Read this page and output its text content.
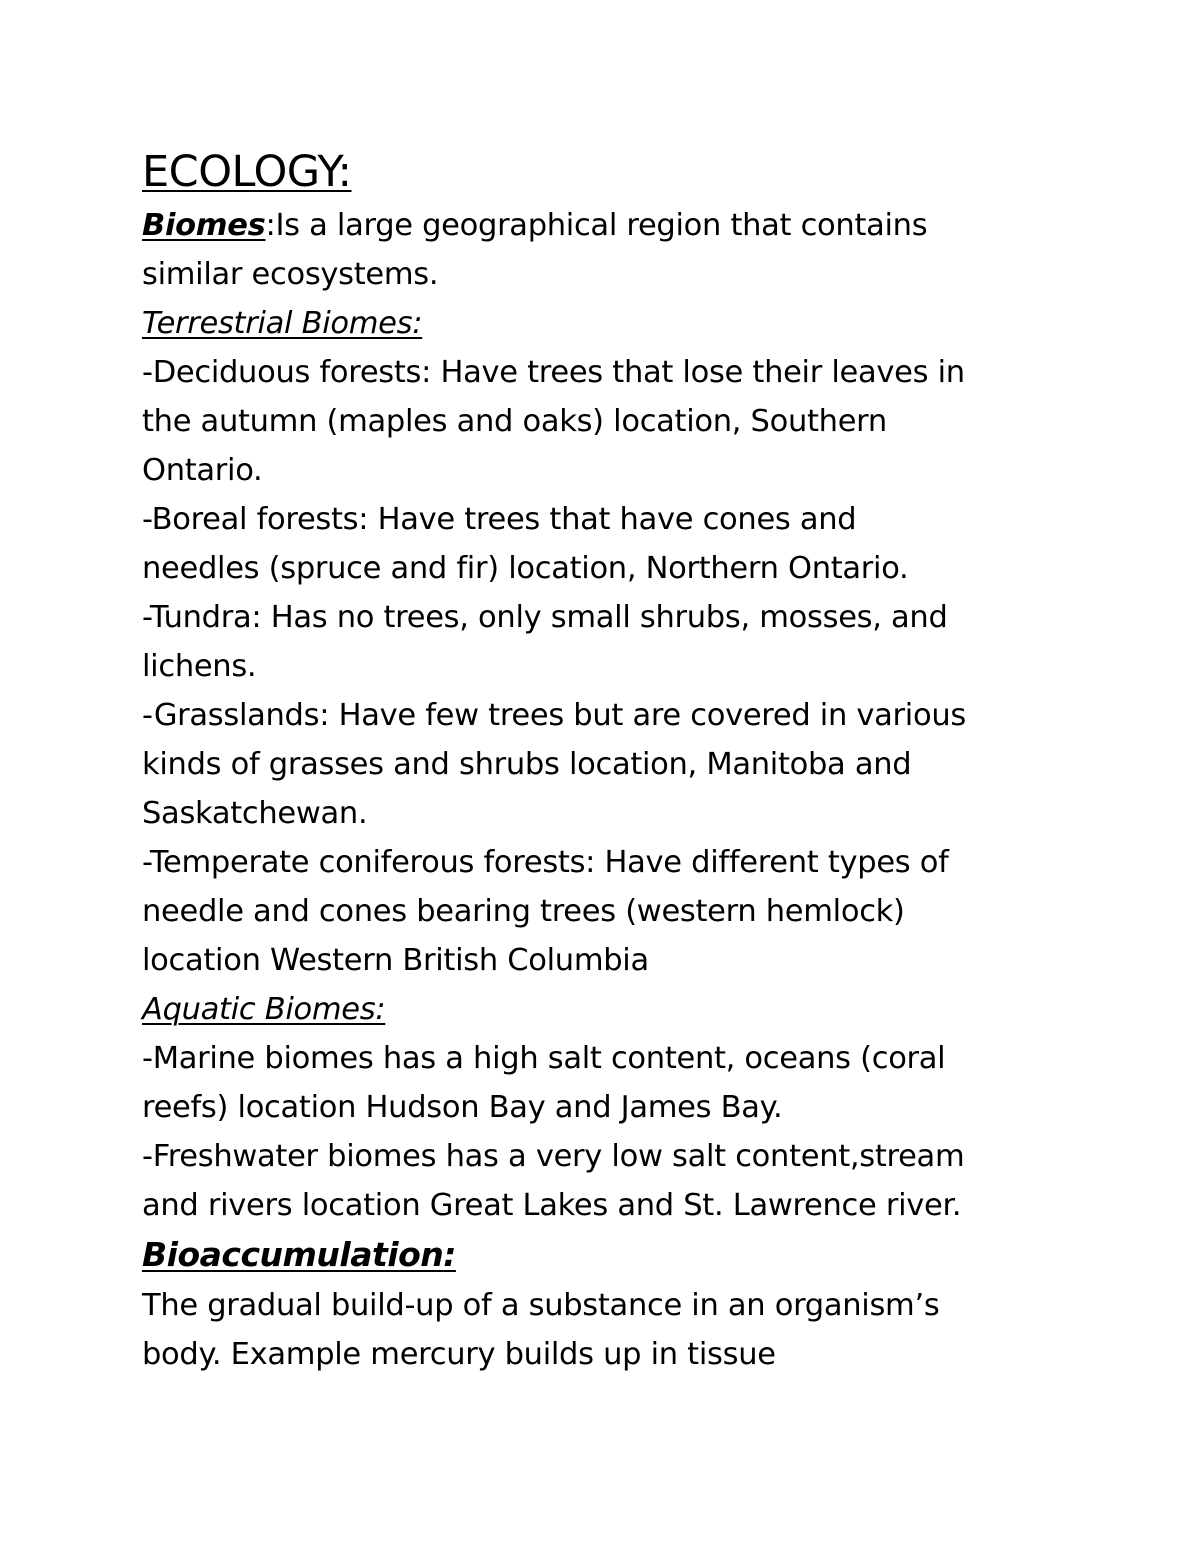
ECOLOGY:
Biomes:Is a large geographical region that contains
similar ecosystems.
Terrestrial Biomes:
-Deciduous forests: Have trees that lose their leaves in
the autumn (maples and oaks) location, Southern
Ontario.
-Boreal forests: Have trees that have cones and
needles (spruce and fir) location, Northern Ontario.
-Tundra: Has no trees, only small shrubs, mosses, and
lichens.
-Grasslands: Have few trees but are covered in various
kinds of grasses and shrubs location, Manitoba and
Saskatchewan.
-Temperate coniferous forests: Have different types of
needle and cones bearing trees (western hemlock)
location Western British Columbia
Aquatic Biomes:
-Marine biomes has a high salt content, oceans (coral
reefs) location Hudson Bay and James Bay.
-Freshwater biomes has a very low salt content,stream
and rivers location Great Lakes and St. Lawrence river.
Bioaccumulation:
The gradual build-up of a substance in an organism’s
body. Example mercury builds up in tissue
